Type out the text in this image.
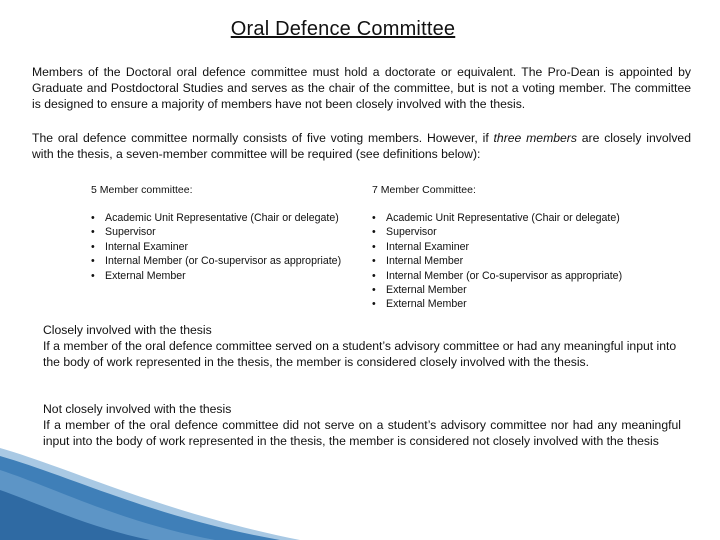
Oral Defence Committee

Members of the Doctoral oral defence committee must hold a doctorate or equivalent. The Pro-Dean is appointed by Graduate and Postdoctoral Studies and serves as the chair of the committee, but is not a voting member. The committee is designed to ensure a majority of members have not been closely involved with the thesis.

The oral defence committee normally consists of five voting members. However, if three members are closely involved with the thesis, a seven-member committee will be required (see definitions below):

5 Member committee:	7 Member Committee:
• Academic Unit Representative (Chair or delegate)
• Supervisor
• Internal Examiner
• Internal Member (or Co-supervisor as appropriate)
• External Member
• Academic Unit Representative (Chair or delegate)
• Supervisor
• Internal Examiner
• Internal Member
• Internal Member (or Co-supervisor as appropriate)
• External Member
• External Member
Closely involved with the thesis
If a member of the oral defence committee served on a student’s advisory committee or had any meaningful input into the body of work represented in the thesis, the member is considered closely involved with the thesis.
Not closely involved with the thesis
If a member of the oral defence committee did not serve on a student’s advisory committee nor had any meaningful input into the body of work represented in the thesis, the member is considered not closely involved with the thesis
